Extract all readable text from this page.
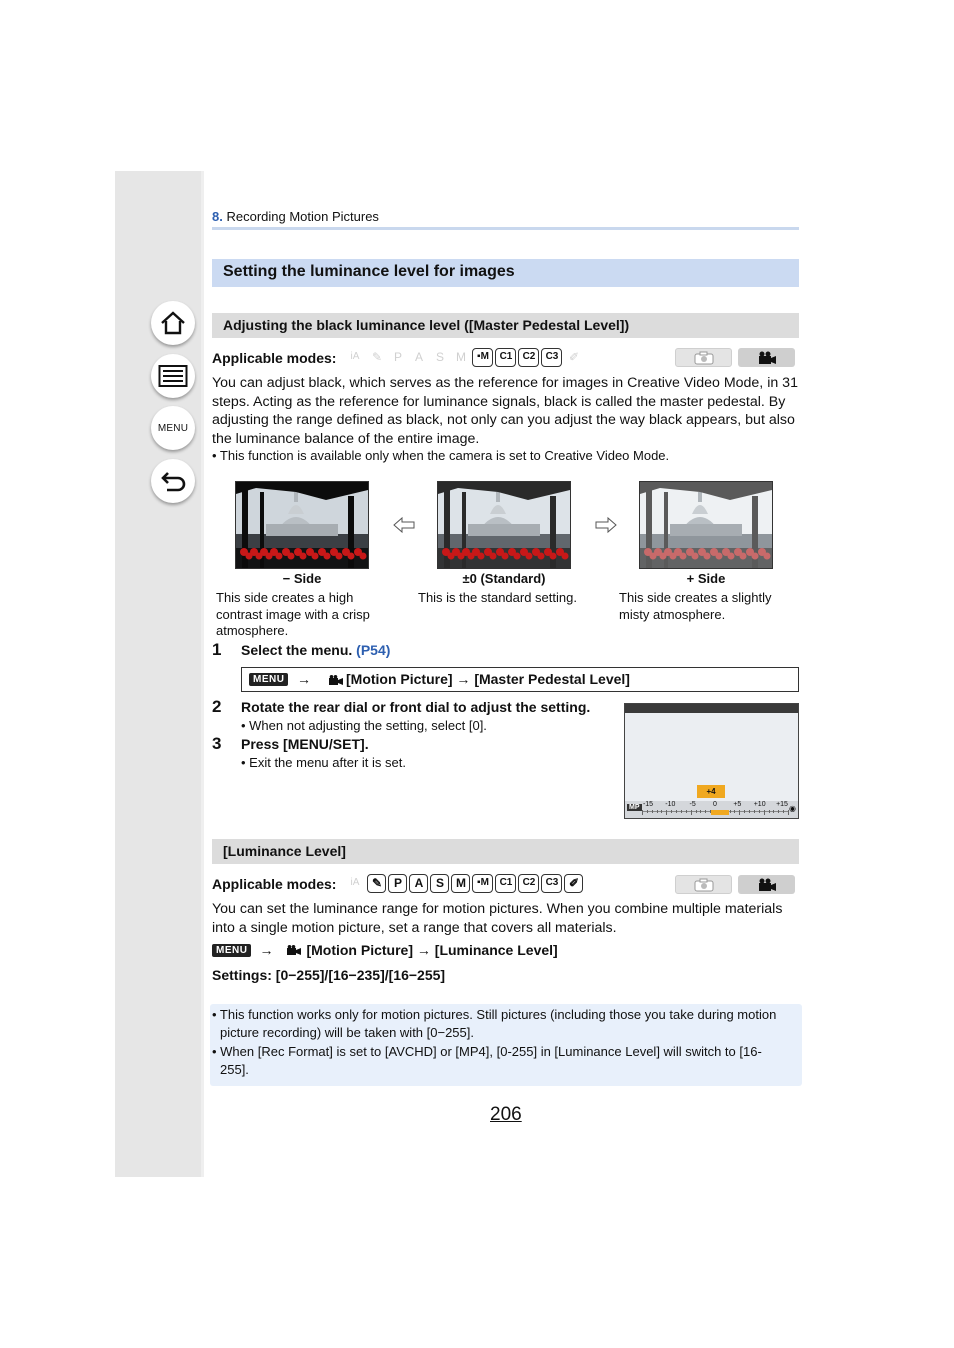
MENU
8. Recording Motion Pictures
Setting the luminance level for images
Adjusting the black luminance level ([Master Pedestal Level])
Applicable modes:	iA ✎ P A S M ▪M C1 C2 C3 ✐
You can adjust black, which serves as the reference for images in Creative Video Mode, in 31 steps. Acting as the reference for luminance signals, black is called the master pedestal. By adjusting the range defined as black, not only can you adjust the way black appears, but also the luminance balance of the entire image.
• This function is available only when the camera is set to Creative Video Mode.
− Side	±0 (Standard)	+ Side
This side creates a high contrast image with a crisp atmosphere.
This is the standard setting.	This side creates a slightly misty atmosphere.
1 Select the menu. (P54)
MENU →	[Motion Picture] → [Master Pedestal Level]
2 Rotate the rear dial or front dial to adjust the setting.
• When not adjusting the setting, select [0].
3 Press [MENU/SET].
• Exit the menu after it is set.
+4
MP -15 -10 -5 0 +5 +10 +15 ◉
[Luminance Level]
Applicable modes:	iA ✎ P A S M ▪M C1 C2 C3 ✐
You can set the luminance range for motion pictures. When you combine multiple materials into a single motion picture, set a range that covers all materials.
MENU → [Motion Picture] → [Luminance Level]
Settings: [0−255]/[16−235]/[16−255]
• This function works only for motion pictures. Still pictures (including those you take during motion picture recording) will be taken with [0−255].
• When [Rec Format] is set to [AVCHD] or [MP4], [0-255] in [Luminance Level] will switch to [16-255].
206
